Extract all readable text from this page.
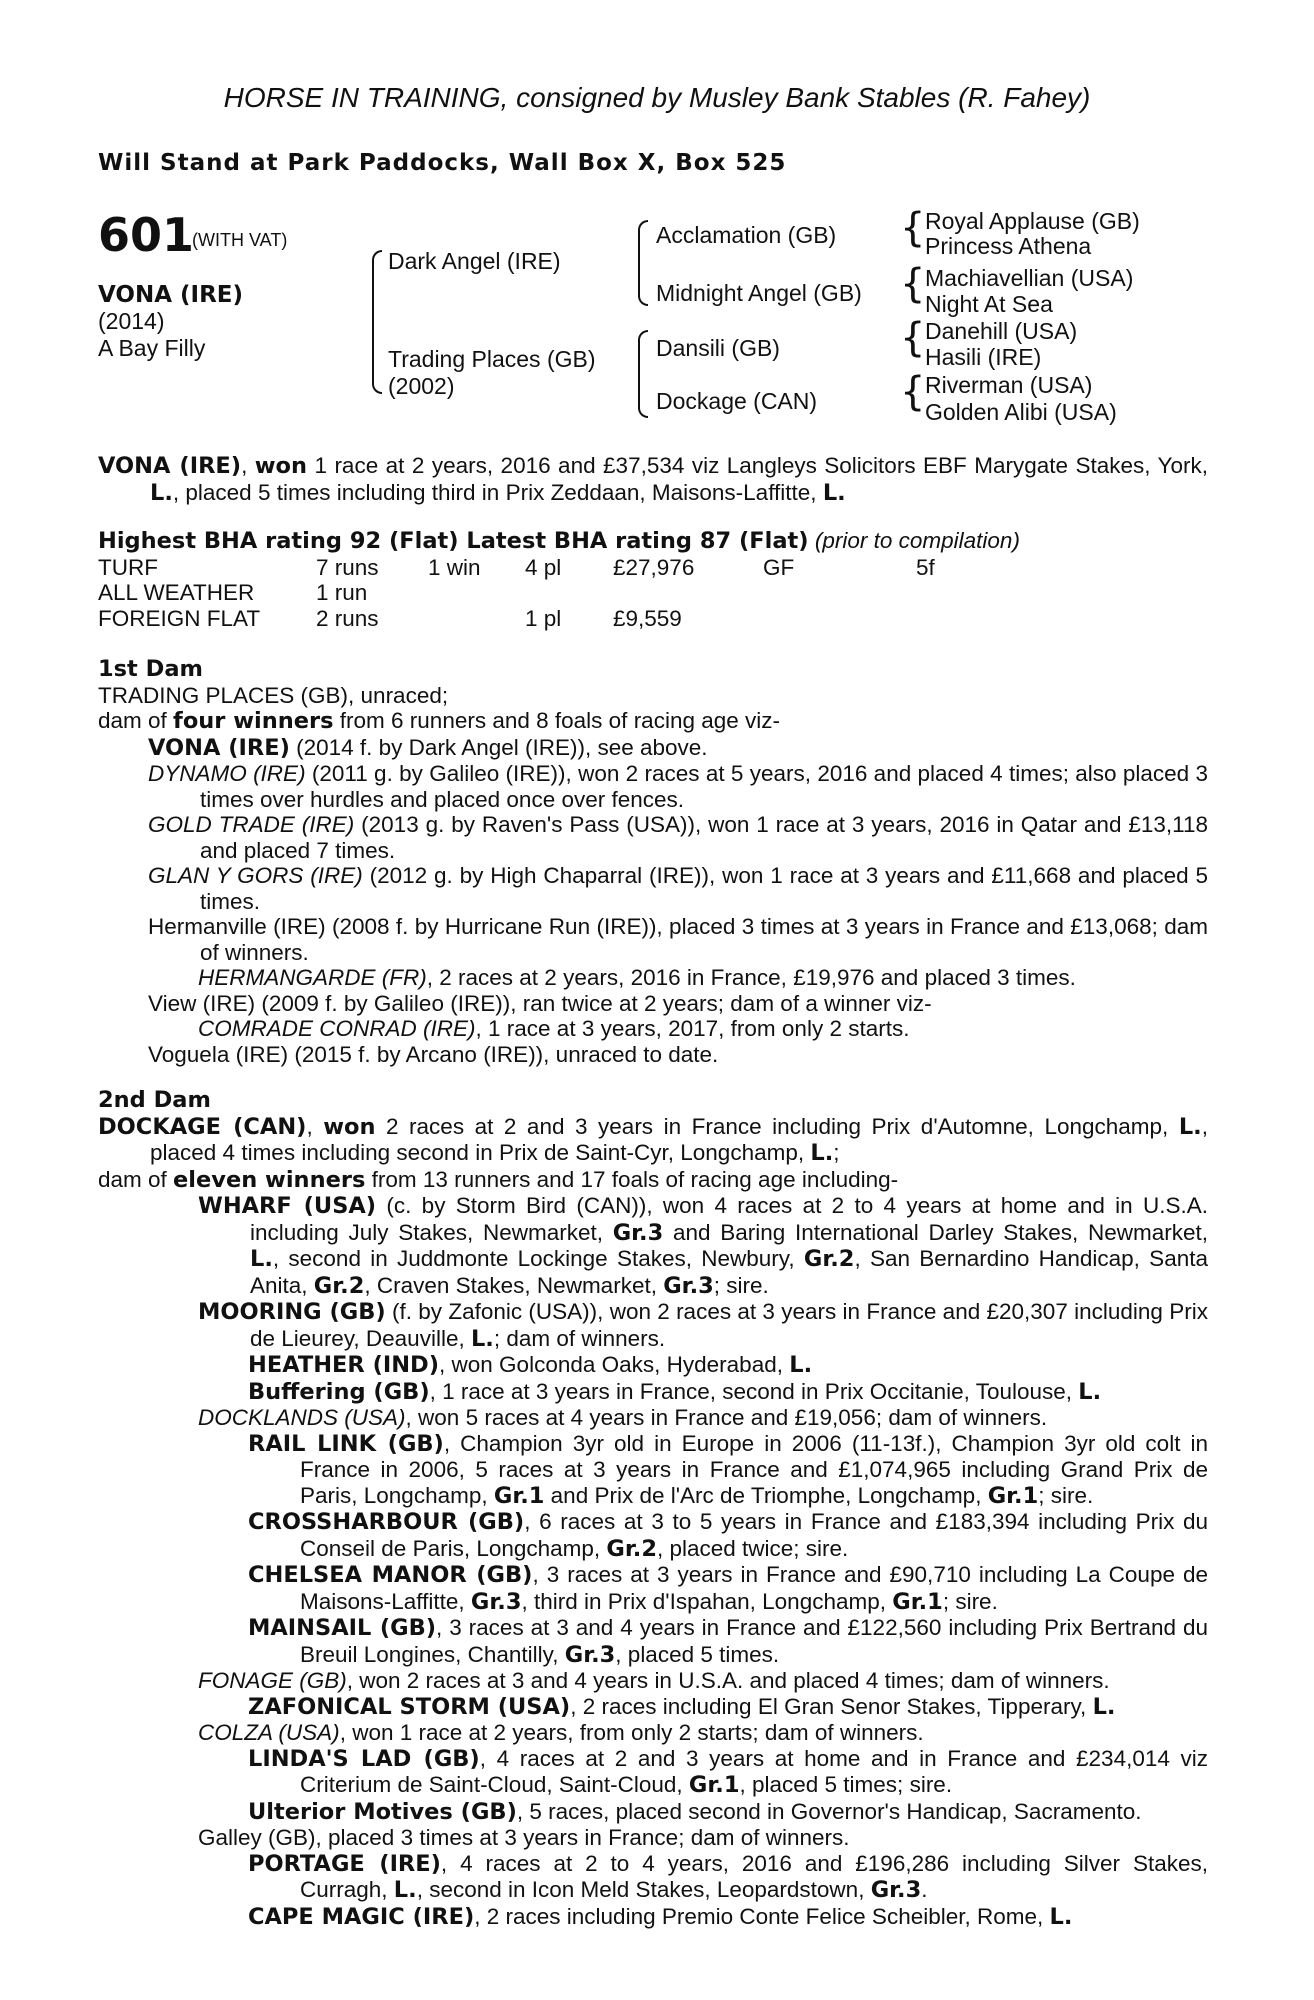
HORSE IN TRAINING, consigned by Musley Bank Stables (R. Fahey)
Will Stand at Park Paddocks, Wall Box X, Box 525
601
(WITH VAT)
VONA (IRE)
(2014)
A Bay Filly
Dark Angel (IRE)
Trading Places (GB)
(2002)
Acclamation (GB)
Midnight Angel (GB)
Dansili (GB)
Dockage (CAN)
{ Royal Applause (GB)
Princess Athena
{ Machiavellian (USA)
Night At Sea
{ Danehill (USA)
Hasili (IRE)
{ Riverman (USA)
Golden Alibi (USA)

VONA (IRE), won 1 race at 2 years, 2016 and £37,534 viz Langleys Solicitors EBF Marygate Stakes, York, L., placed 5 times including third in Prix Zeddaan, Maisons-Laffitte, L.

Highest BHA rating 92 (Flat) Latest BHA rating 87 (Flat) (prior to compilation)
TURF	7 runs 1 win 4 pl £27,976	GF	5f
ALL WEATHER	1 run
FOREIGN FLAT 2 runs	1 pl £9,559

1st Dam

TRADING PLACES (GB), unraced;

dam of four winners from 6 runners and 8 foals of racing age viz-

VONA (IRE) (2014 f. by Dark Angel (IRE)), see above.

DYNAMO (IRE) (2011 g. by Galileo (IRE)), won 2 races at 5 years, 2016 and placed 4 times; also placed 3 times over hurdles and placed once over fences.

GOLD TRADE (IRE) (2013 g. by Raven's Pass (USA)), won 1 race at 3 years, 2016 in Qatar and £13,118 and placed 7 times.

GLAN Y GORS (IRE) (2012 g. by High Chaparral (IRE)), won 1 race at 3 years and £11,668 and placed 5 times.

Hermanville (IRE) (2008 f. by Hurricane Run (IRE)), placed 3 times at 3 years in France and £13,068; dam of winners.

HERMANGARDE (FR), 2 races at 2 years, 2016 in France, £19,976 and placed 3 times.

View (IRE) (2009 f. by Galileo (IRE)), ran twice at 2 years; dam of a winner viz-

COMRADE CONRAD (IRE), 1 race at 3 years, 2017, from only 2 starts.

Voguela (IRE) (2015 f. by Arcano (IRE)), unraced to date.

2nd Dam

DOCKAGE (CAN), won 2 races at 2 and 3 years in France including Prix d'Automne, Longchamp, L., placed 4 times including second in Prix de Saint-Cyr, Longchamp, L.;

dam of eleven winners from 13 runners and 17 foals of racing age including-

WHARF (USA) (c. by Storm Bird (CAN)), won 4 races at 2 to 4 years at home and in U.S.A. including July Stakes, Newmarket, Gr.3 and Baring International Darley Stakes, Newmarket, L., second in Juddmonte Lockinge Stakes, Newbury, Gr.2, San Bernardino Handicap, Santa Anita, Gr.2, Craven Stakes, Newmarket, Gr.3; sire.

MOORING (GB) (f. by Zafonic (USA)), won 2 races at 3 years in France and £20,307 including Prix de Lieurey, Deauville, L.; dam of winners.

HEATHER (IND), won Golconda Oaks, Hyderabad, L.

Buffering (GB), 1 race at 3 years in France, second in Prix Occitanie, Toulouse, L.

DOCKLANDS (USA), won 5 races at 4 years in France and £19,056; dam of winners.

RAIL LINK (GB), Champion 3yr old in Europe in 2006 (11-13f.), Champion 3yr old colt in France in 2006, 5 races at 3 years in France and £1,074,965 including Grand Prix de Paris, Longchamp, Gr.1 and Prix de l'Arc de Triomphe, Longchamp, Gr.1; sire.

CROSSHARBOUR (GB), 6 races at 3 to 5 years in France and £183,394 including Prix du Conseil de Paris, Longchamp, Gr.2, placed twice; sire.

CHELSEA MANOR (GB), 3 races at 3 years in France and £90,710 including La Coupe de Maisons-Laffitte, Gr.3, third in Prix d'Ispahan, Longchamp, Gr.1; sire.

MAINSAIL (GB), 3 races at 3 and 4 years in France and £122,560 including Prix Bertrand du Breuil Longines, Chantilly, Gr.3, placed 5 times.

FONAGE (GB), won 2 races at 3 and 4 years in U.S.A. and placed 4 times; dam of winners.

ZAFONICAL STORM (USA), 2 races including El Gran Senor Stakes, Tipperary, L.

COLZA (USA), won 1 race at 2 years, from only 2 starts; dam of winners.

LINDA'S LAD (GB), 4 races at 2 and 3 years at home and in France and £234,014 viz Criterium de Saint-Cloud, Saint-Cloud, Gr.1, placed 5 times; sire.

Ulterior Motives (GB), 5 races, placed second in Governor's Handicap, Sacramento.

Galley (GB), placed 3 times at 3 years in France; dam of winners.

PORTAGE (IRE), 4 races at 2 to 4 years, 2016 and £196,286 including Silver Stakes, Curragh, L., second in Icon Meld Stakes, Leopardstown, Gr.3.

CAPE MAGIC (IRE), 2 races including Premio Conte Felice Scheibler, Rome, L.
